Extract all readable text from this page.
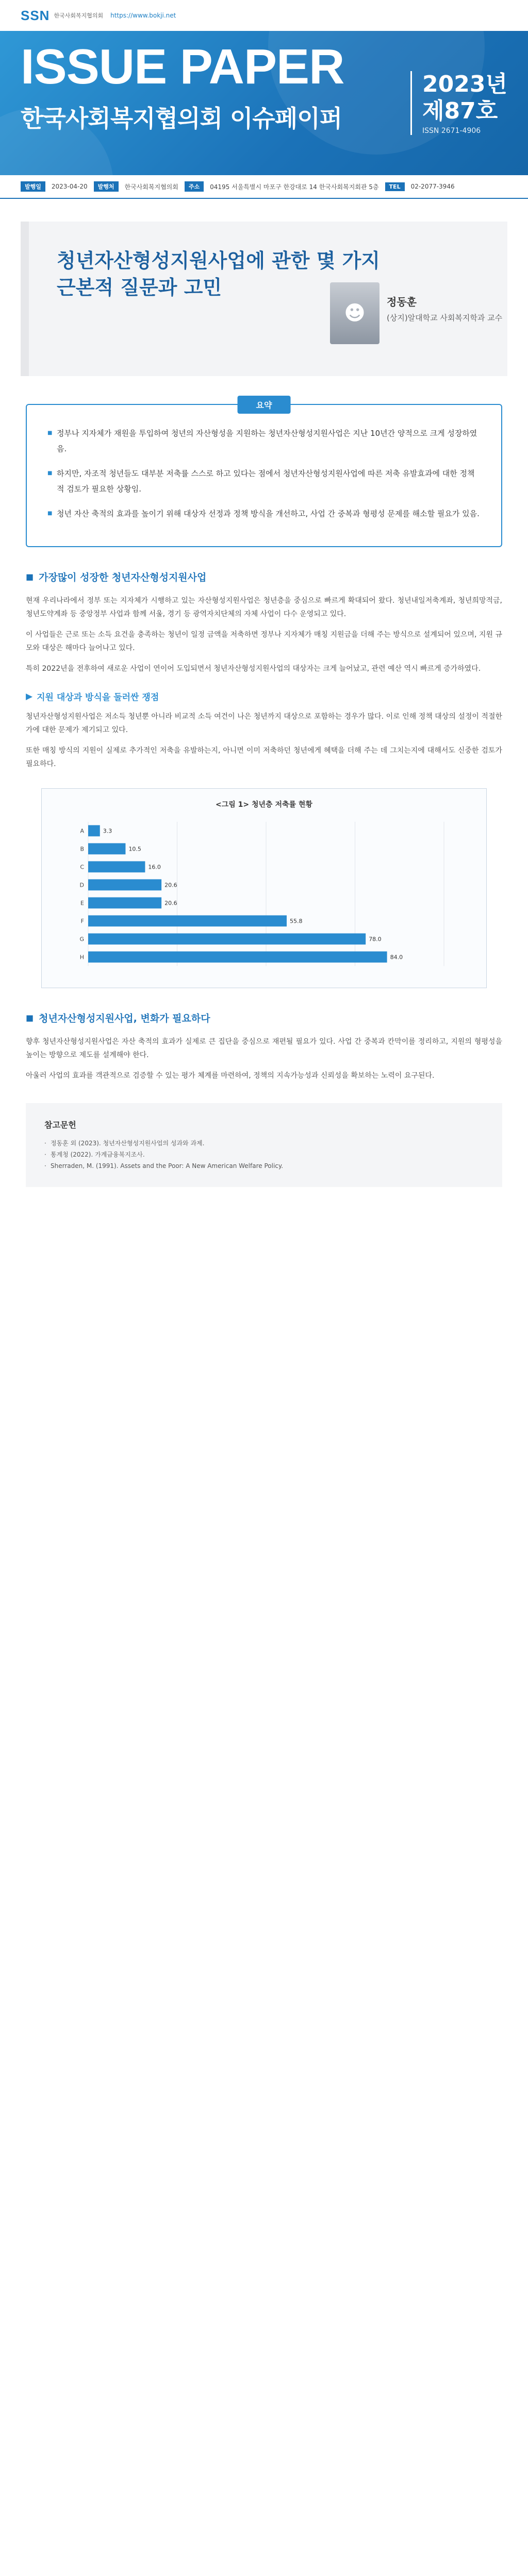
SSN 한국사회복지협의회 https://www.bokji.net
ISSUE PAPER
한국사회복지협의회 이슈페이퍼
2023년
제87호
ISSN 2671-4906
발행일	2023-04-20	발행처	한국사회복지협의회	주소	04195 서울특별시 마포구 한강대로 14 한국사회복지회관 5층	TEL	02-2077-3946
청년자산형성지원사업에 관한 몇 가지
근본적 질문과 고민
☻ 정동훈
(상지)알대학교 사회복지학과 교수
요약
■ 정부나 지자체가 재원을 투입하여 청년의 자산형성을 지원하는 청년자산형성지원사업은 지난 10년간 양적으로 크게 성장하였음.
■ 하지만, 자조적 청년들도 대부분 저축률 스스로 하고 있다는 점에서 청년자산형성지원사업에 따른 저축 유발효과에 대한 정책적 검토가 필요한 상황임.
■ 청년 자산 축적의 효과를 높이기 위해 대상자 선정과 정책 방식을 개선하고, 사업 간 중복과 형평성 문제를 해소할 필요가 있음.
■ 가장많이 성장한 청년자산형성지원사업

현재 우리나라에서 정부 또는 지자체가 시행하고 있는 자산형성지원사업은 청년층을 중심으로 빠르게 확대되어 왔다. 청년내일저축계좌, 청년희망적금, 청년도약계좌 등 중앙정부 사업과 함께 서울, 경기 등 광역자치단체의 자체 사업이 다수 운영되고 있다.

이 사업들은 근로 또는 소득 요건을 충족하는 청년이 일정 금액을 저축하면 정부나 지자체가 매칭 지원금을 더해 주는 방식으로 설계되어 있으며, 지원 규모와 대상은 해마다 늘어나고 있다.

특히 2022년을 전후하여 새로운 사업이 연이어 도입되면서 청년자산형성지원사업의 대상자는 크게 늘어났고, 관련 예산 역시 빠르게 증가하였다.

▶ 지원 대상과 방식을 둘러싼 쟁점

청년자산형성지원사업은 저소득 청년뿐 아니라 비교적 소득 여건이 나은 청년까지 대상으로 포함하는 경우가 많다. 이로 인해 정책 대상의 설정이 적절한가에 대한 문제가 제기되고 있다.

또한 매칭 방식의 지원이 실제로 추가적인 저축을 유발하는지, 아니면 이미 저축하던 청년에게 혜택을 더해 주는 데 그치는지에 대해서도 신중한 검토가 필요하다.

<그림 1> 청년층 저축률 현황
A	3.3
B	10.5
C	16.0
D	20.6
E	20.6
F	55.8
G	78.0
H	84.0
■ 청년자산형성지원사업, 변화가 필요하다

향후 청년자산형성지원사업은 자산 축적의 효과가 실제로 큰 집단을 중심으로 재편될 필요가 있다. 사업 간 중복과 칸막이를 정리하고, 지원의 형평성을 높이는 방향으로 제도를 설계해야 한다.

아울러 사업의 효과를 객관적으로 검증할 수 있는 평가 체계를 마련하여, 정책의 지속가능성과 신뢰성을 확보하는 노력이 요구된다.

참고문헌
· 정동훈 외 (2023). 청년자산형성지원사업의 성과와 과제.
· 통계청 (2022). 가계금융복지조사.
· Sherraden, M. (1991). Assets and the Poor: A New American Welfare Policy.
